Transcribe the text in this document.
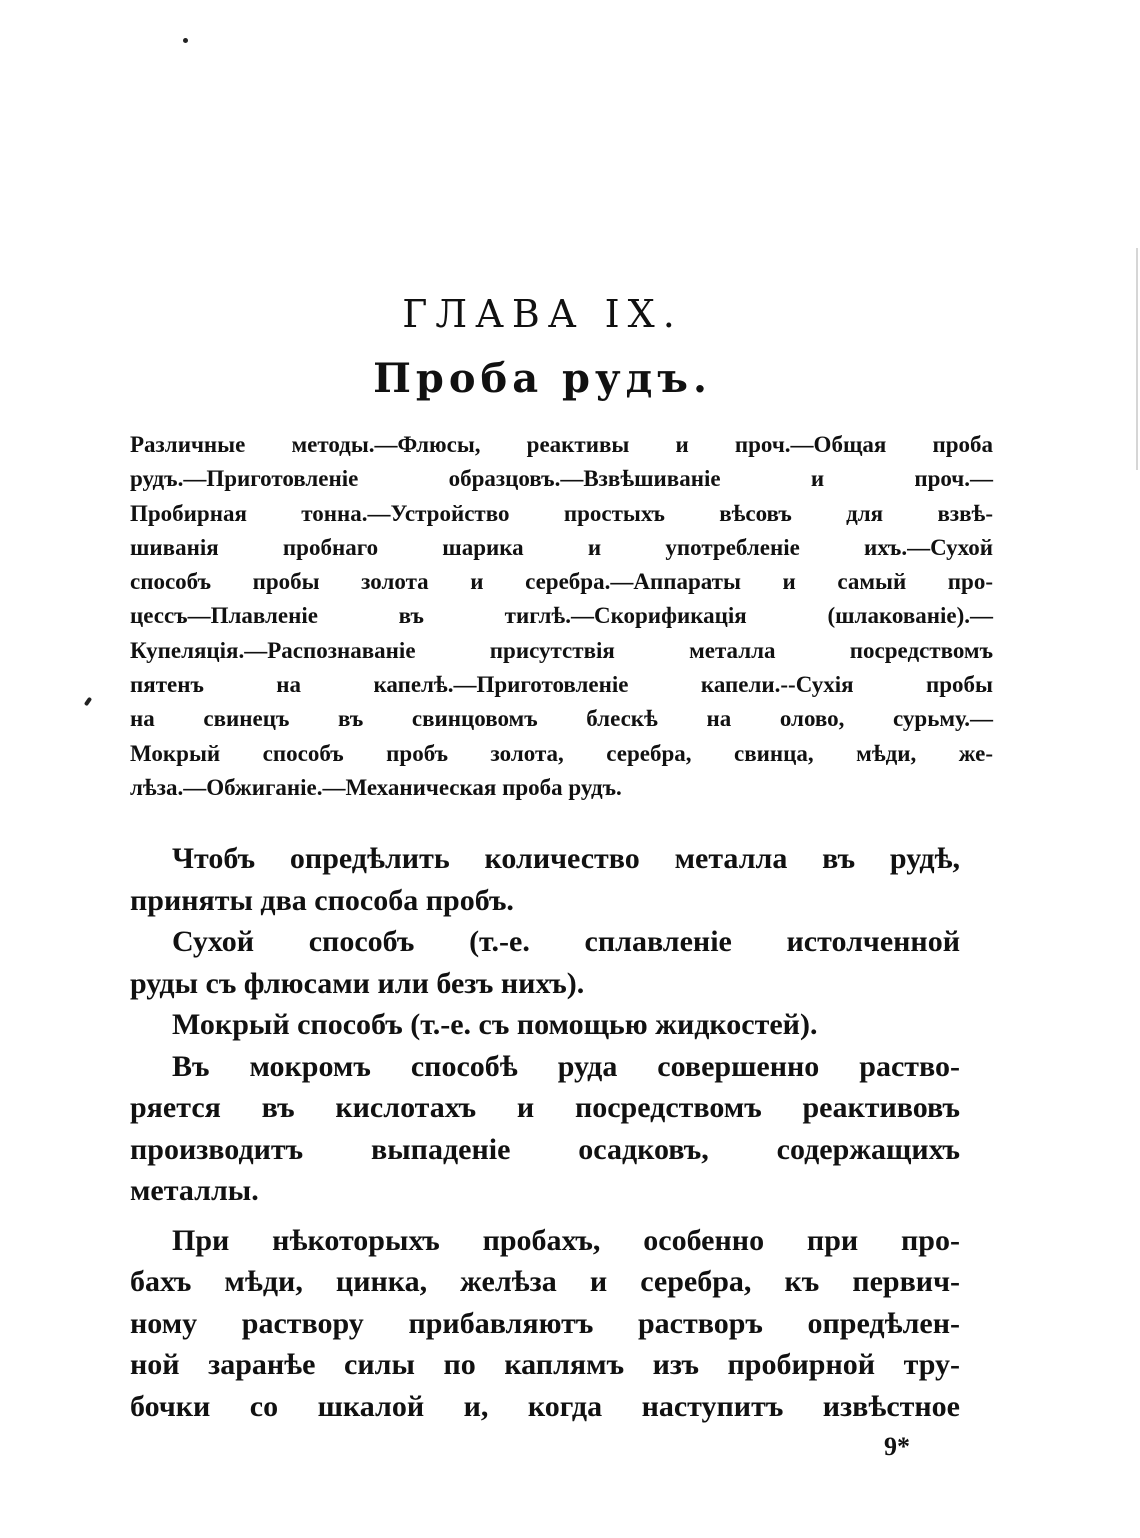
ГЛАВА IX.
Проба рудъ.
Различные методы.—Флюсы, реактивы и проч.—Общая проба
рудъ.—Приготовленіе образцовъ.—Взвѣшиваніе и проч.—
Пробирная тонна.—Устройство простыхъ вѣсовъ для взвѣ-
шиванія пробнаго шарика и употребленіе ихъ.—Сухой
способъ пробы золота и серебра.—Аппараты и самый про-
цессъ—Плавленіе въ тиглѣ.—Скорификація (шлакованіе).—
Купеляція.—Распознаваніе присутствія металла посредствомъ
пятенъ на капелѣ.—Приготовленіе капели.--Сухія пробы
на свинецъ въ свинцовомъ блескѣ на олово, сурьму.—
Мокрый способъ пробъ золота, серебра, свинца, мѣди, же-
лѣза.—Обжиганіе.—Механическая проба рудъ.

Чтобъ опредѣлить количество металла въ рудѣ,
приняты два способа пробъ.

Сухой способъ (т.-е. сплавленіе истолченной
руды съ флюсами или безъ нихъ).

Мокрый способъ (т.-е. съ помощью жидкостей).

Въ мокромъ способѣ руда совершенно раство-
ряется въ кислотахъ и посредствомъ реактивовъ
производитъ выпаденіе осадковъ, содержащихъ
металлы.

При нѣкоторыхъ пробахъ, особенно при про-
бахъ мѣди, цинка, желѣза и серебра, къ первич-
ному раствору прибавляютъ растворъ опредѣлен-
ной заранѣе силы по каплямъ изъ пробирной тру-
бочки со шкалой и, когда наступитъ извѣстное

9*
